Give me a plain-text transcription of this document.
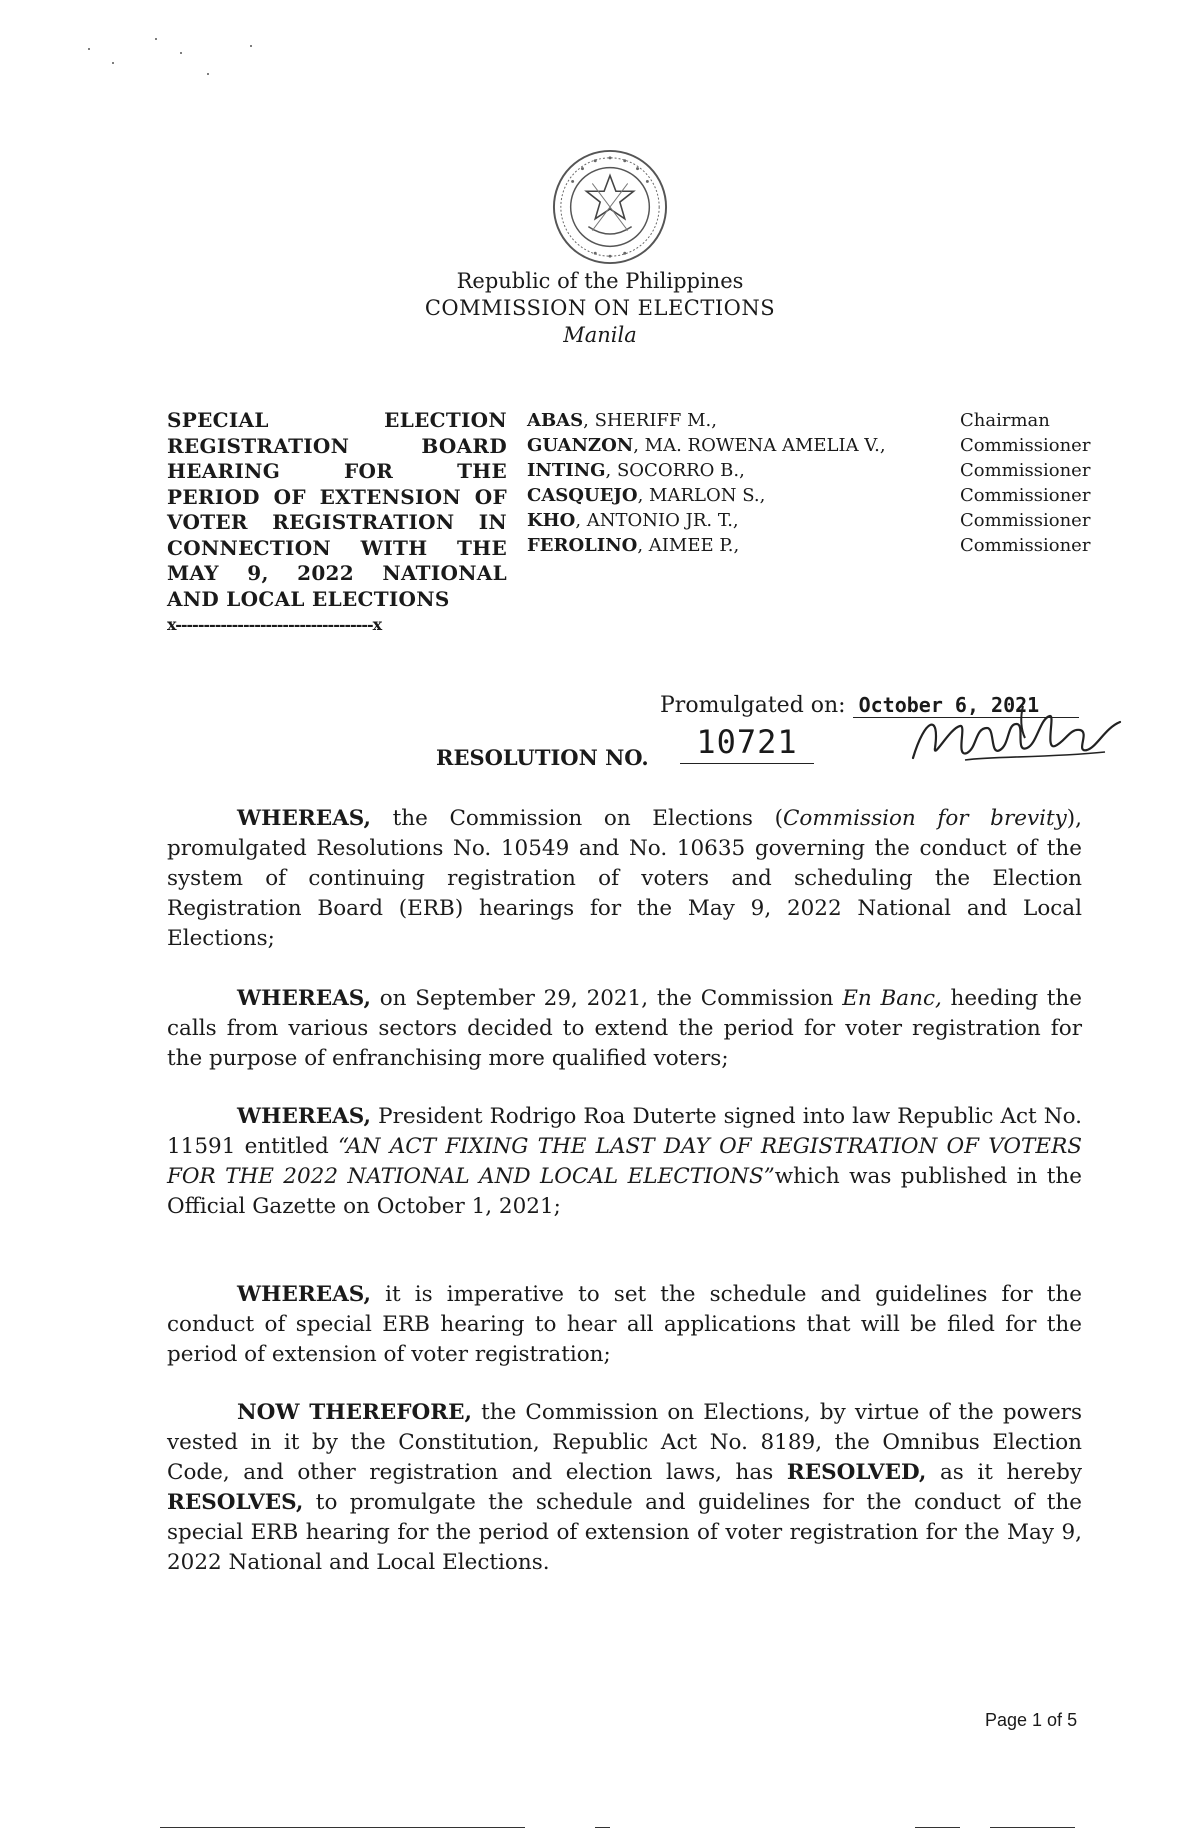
Republic of the Philippines
COMMISSION ON ELECTIONS
Manila
SPECIAL ELECTION
REGISTRATION BOARD
HEARING FOR THE
PERIOD OF EXTENSION OF
VOTER REGISTRATION IN
CONNECTION WITH THE
MAY 9, 2022 NATIONAL
AND LOCAL ELECTIONS
x-----------------------------------x
ABAS, SHERIFF M.,
GUANZON, MA. ROWENA AMELIA V.,
INTING, SOCORRO B.,
CASQUEJO, MARLON S.,
KHO, ANTONIO JR. T.,
FEROLINO, AIMEE P.,
Chairman
Commissioner
Commissioner
Commissioner
Commissioner
Commissioner
Promulgated on: October 6, 2021
RESOLUTION NO.	10721
WHEREAS, the Commission on Elections (Commission for brevity), promulgated Resolutions No. 10549 and No. 10635 governing the conduct of the system of continuing registration of voters and scheduling the Election Registration Board (ERB) hearings for the May 9, 2022 National and Local Elections;
WHEREAS, on September 29, 2021, the Commission En Banc, heeding the calls from various sectors decided to extend the period for voter registration for the purpose of enfranchising more qualified voters;
WHEREAS, President Rodrigo Roa Duterte signed into law Republic Act No. 11591 entitled “AN ACT FIXING THE LAST DAY OF REGISTRATION OF VOTERS FOR THE 2022 NATIONAL AND LOCAL ELECTIONS”which was published in the Official Gazette on October 1, 2021;
WHEREAS, it is imperative to set the schedule and guidelines for the conduct of special ERB hearing to hear all applications that will be filed for the period of extension of voter registration;
NOW THEREFORE, the Commission on Elections, by virtue of the powers vested in it by the Constitution, Republic Act No. 8189, the Omnibus Election Code, and other registration and election laws, has RESOLVED, as it hereby RESOLVES, to promulgate the schedule and guidelines for the conduct of the special ERB hearing for the period of extension of voter registration for the May 9, 2022 National and Local Elections.
Page 1 of 5
